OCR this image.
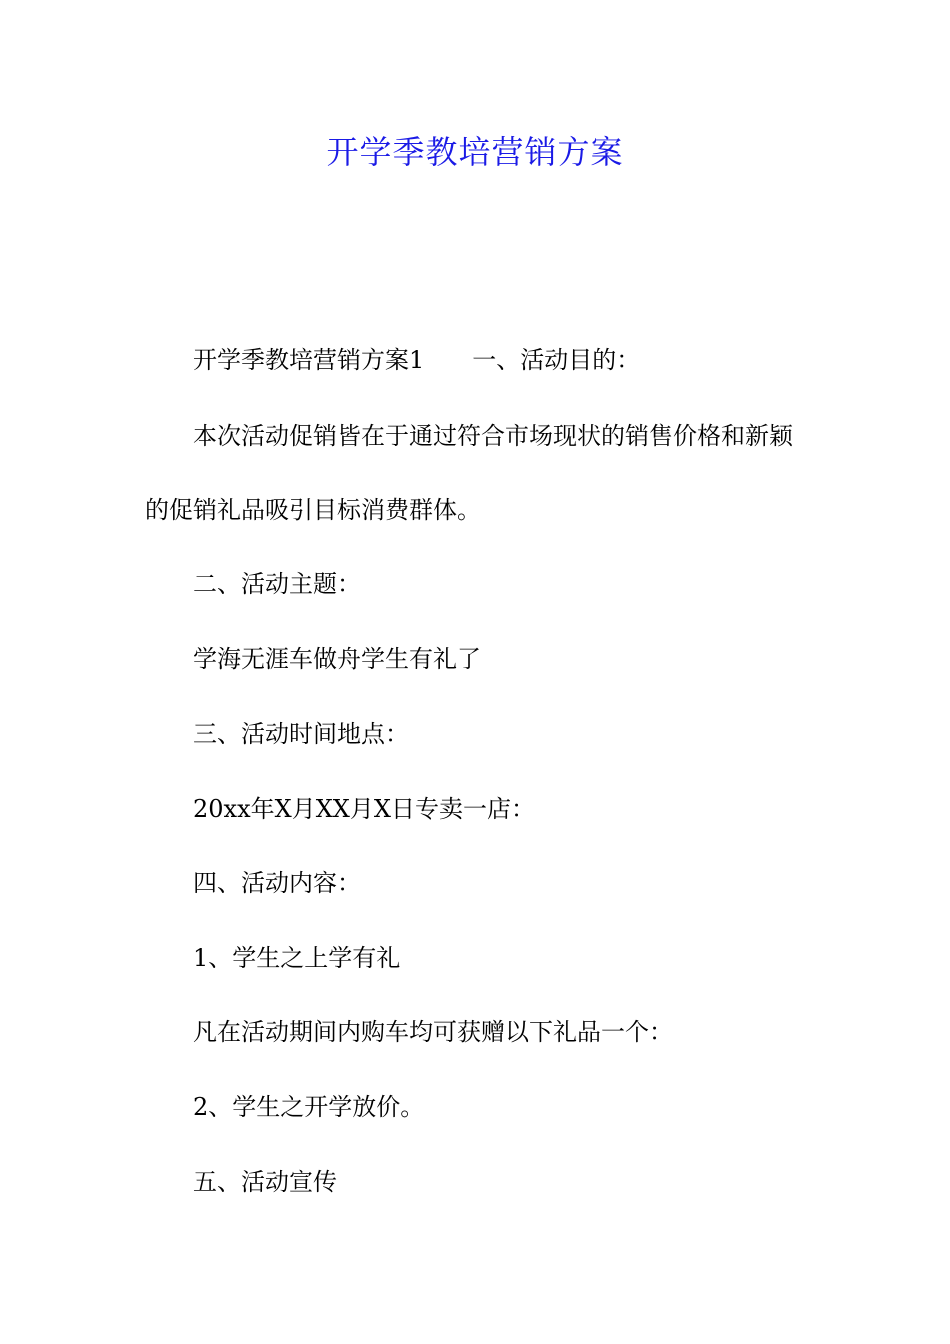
开学季教培营销方案
开学季教培营销方案1 一、活动目的：
本次活动促销皆在于通过符合市场现状的销售价格和新颖
的促销礼品吸引目标消费群体。
二、活动主题：
学海无涯车做舟学生有礼了
三、活动时间地点：
20xx年X月XX月X日专卖一店：
四、活动内容：
1、学生之上学有礼
凡在活动期间内购车均可获赠以下礼品一个：
2、学生之开学放价。
五、活动宣传
